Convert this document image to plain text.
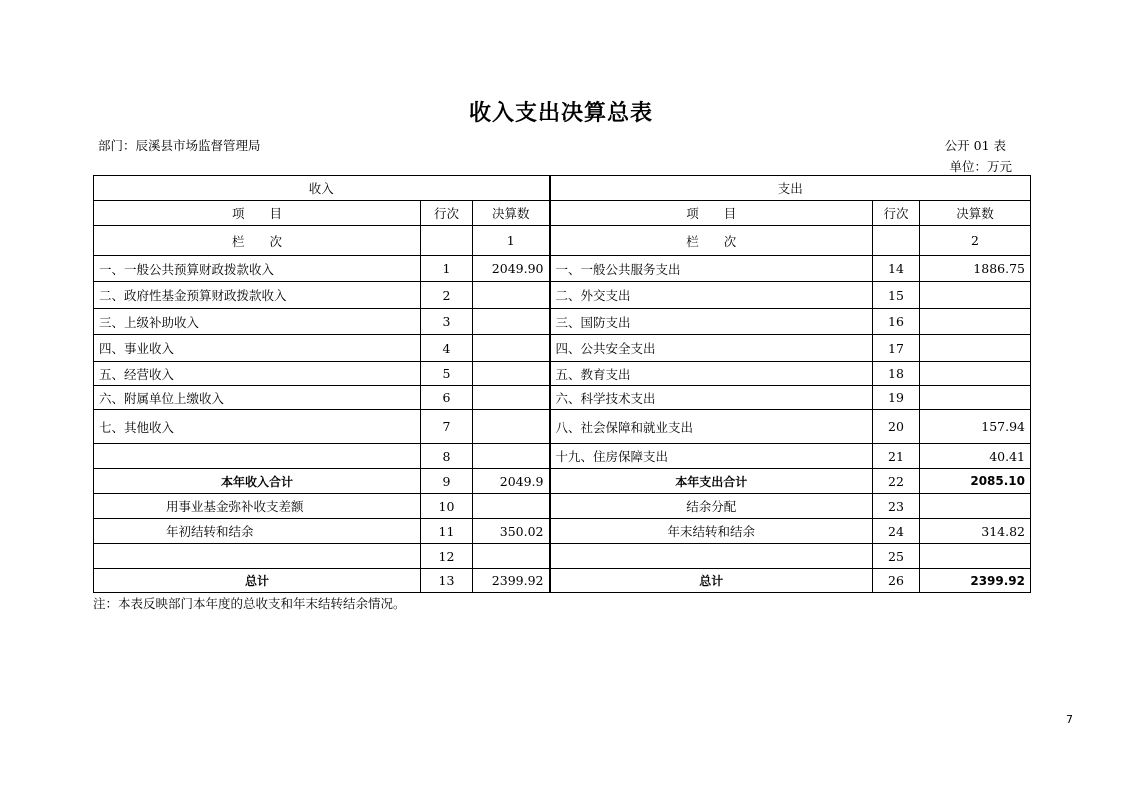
收入支出决算总表
部门：辰溪县市场监督管理局	公开 01 表
单位：万元
收入			支出		
项　　目	行次	决算数	项　　目	行次	决算数
栏　　次		1	栏　　次		2
一、一般公共预算财政拨款收入	1	2049.90	一、一般公共服务支出	14	1886.75
二、政府性基金预算财政拨款收入	2		二、外交支出	15	
三、上级补助收入	3		三、国防支出	16	
四、事业收入	4		四、公共安全支出	17	
五、经营收入	5		五、教育支出	18	
六、附属单位上缴收入	6		六、科学技术支出	19	
七、其他收入	7		八、社会保障和就业支出	20	157.94
	8		十九、住房保障支出	21	40.41
本年收入合计	9	2049.9	本年支出合计	22	2085.10
用事业基金弥补收支差额	10		结余分配	23	
年初结转和结余	11	350.02	年末结转和结余	24	314.82
	12			25	
总计	13	2399.92	总计	26	2399.92
注：本表反映部门本年度的总收支和年末结转结余情况。
7
